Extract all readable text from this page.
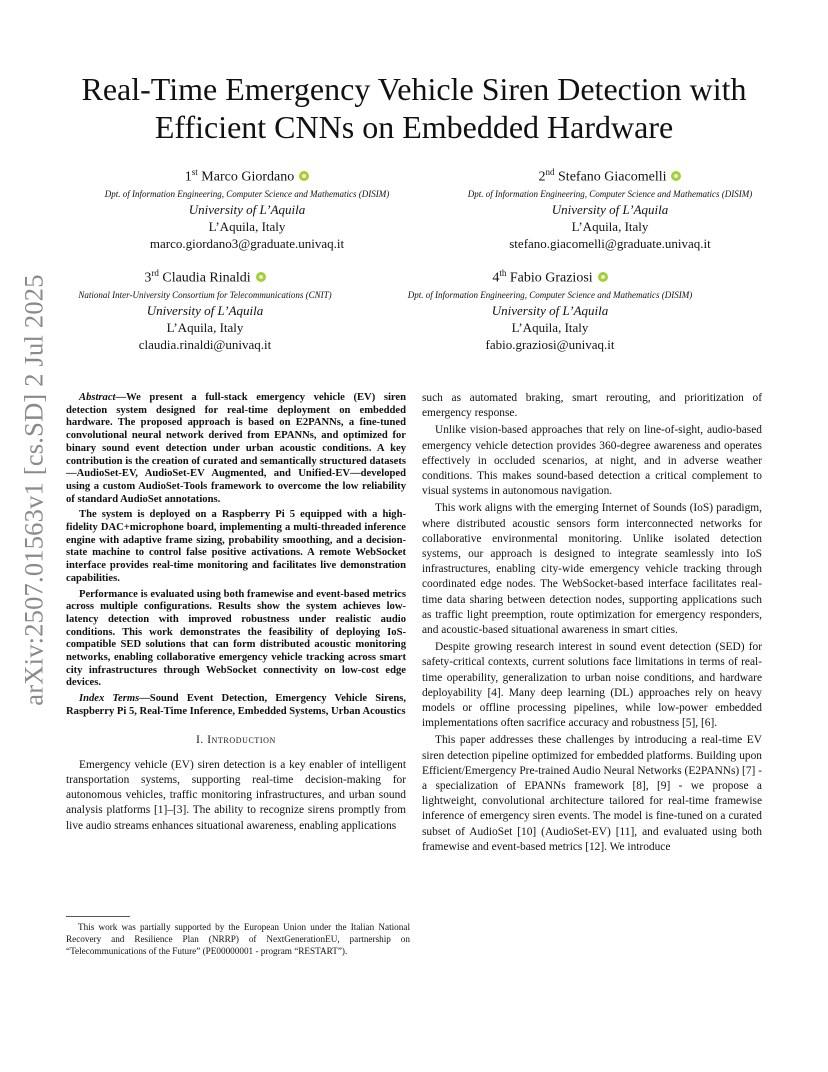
arXiv:2507.01563v1 [cs.SD] 2 Jul 2025
Real-Time Emergency Vehicle Siren Detection with
Efficient CNNs on Embedded Hardware
1st Marco Giordano
Dpt. of Information Engineering, Computer Science and Mathematics (DISIM)
University of L’Aquila
L’Aquila, Italy
marco.giordano3@graduate.univaq.it
2nd Stefano Giacomelli
Dpt. of Information Engineering, Computer Science and Mathematics (DISIM)
University of L’Aquila
L’Aquila, Italy
stefano.giacomelli@graduate.univaq.it
3rd Claudia Rinaldi
National Inter-University Consortium for Telecommunications (CNIT)
University of L’Aquila
L’Aquila, Italy
claudia.rinaldi@univaq.it
4th Fabio Graziosi
Dpt. of Information Engineering, Computer Science and Mathematics (DISIM)
University of L’Aquila
L’Aquila, Italy
fabio.graziosi@univaq.it

Abstract—We present a full-stack emergency vehicle (EV) siren detection system designed for real-time deployment on embedded hardware. The proposed approach is based on E2PANNs, a fine-tuned convolutional neural network derived from EPANNs, and optimized for binary sound event detection under urban acoustic conditions. A key contribution is the creation of curated and semantically structured datasets—AudioSet-EV, AudioSet-EV Augmented, and Unified-EV—developed using a custom AudioSet-Tools framework to overcome the low reliability of standard AudioSet annotations.

The system is deployed on a Raspberry Pi 5 equipped with a high-fidelity DAC+microphone board, implementing a multi-threaded inference engine with adaptive frame sizing, probability smoothing, and a decision-state machine to control false positive activations. A remote WebSocket interface provides real-time monitoring and facilitates live demonstration capabilities.

Performance is evaluated using both framewise and event-based metrics across multiple configurations. Results show the system achieves low-latency detection with improved robustness under realistic audio conditions. This work demonstrates the feasibility of deploying IoS-compatible SED solutions that can form distributed acoustic monitoring networks, enabling collaborative emergency vehicle tracking across smart city infrastructures through WebSocket connectivity on low-cost edge devices.

Index Terms—Sound Event Detection, Emergency Vehicle Sirens, Raspberry Pi 5, Real-Time Inference, Embedded Systems, Urban Acoustics

I. Introduction

Emergency vehicle (EV) siren detection is a key enabler of intelligent transportation systems, supporting real-time decision-making for autonomous vehicles, traffic monitoring infrastructures, and urban sound analysis platforms [1]–[3]. The ability to recognize sirens promptly from live audio streams enhances situational awareness, enabling applications

This work was partially supported by the European Union under the Italian National Recovery and Resilience Plan (NRRP) of NextGenerationEU, partnership on “Telecommunications of the Future” (PE00000001 - program “RESTART”).

such as automated braking, smart rerouting, and prioritization of emergency response.

Unlike vision-based approaches that rely on line-of-sight, audio-based emergency vehicle detection provides 360-degree awareness and operates effectively in occluded scenarios, at night, and in adverse weather conditions. This makes sound-based detection a critical complement to visual systems in autonomous navigation.

This work aligns with the emerging Internet of Sounds (IoS) paradigm, where distributed acoustic sensors form interconnected networks for collaborative environmental monitoring. Unlike isolated detection systems, our approach is designed to integrate seamlessly into IoS infrastructures, enabling city-wide emergency vehicle tracking through coordinated edge nodes. The WebSocket-based interface facilitates real-time data sharing between detection nodes, supporting applications such as traffic light preemption, route optimization for emergency responders, and acoustic-based situational awareness in smart cities.

Despite growing research interest in sound event detection (SED) for safety-critical contexts, current solutions face limitations in terms of real-time operability, generalization to urban noise conditions, and hardware deployability [4]. Many deep learning (DL) approaches rely on heavy models or offline processing pipelines, while low-power embedded implementations often sacrifice accuracy and robustness [5], [6].

This paper addresses these challenges by introducing a real-time EV siren detection pipeline optimized for embedded platforms. Building upon Efficient/Emergency Pre-trained Audio Neural Networks (E2PANNs) [7] - a specialization of EPANNs framework [8], [9] - we propose a lightweight, convolutional architecture tailored for real-time framewise inference of emergency siren events. The model is fine-tuned on a curated subset of AudioSet [10] (AudioSet-EV) [11], and evaluated using both framewise and event-based metrics [12]. We introduce
